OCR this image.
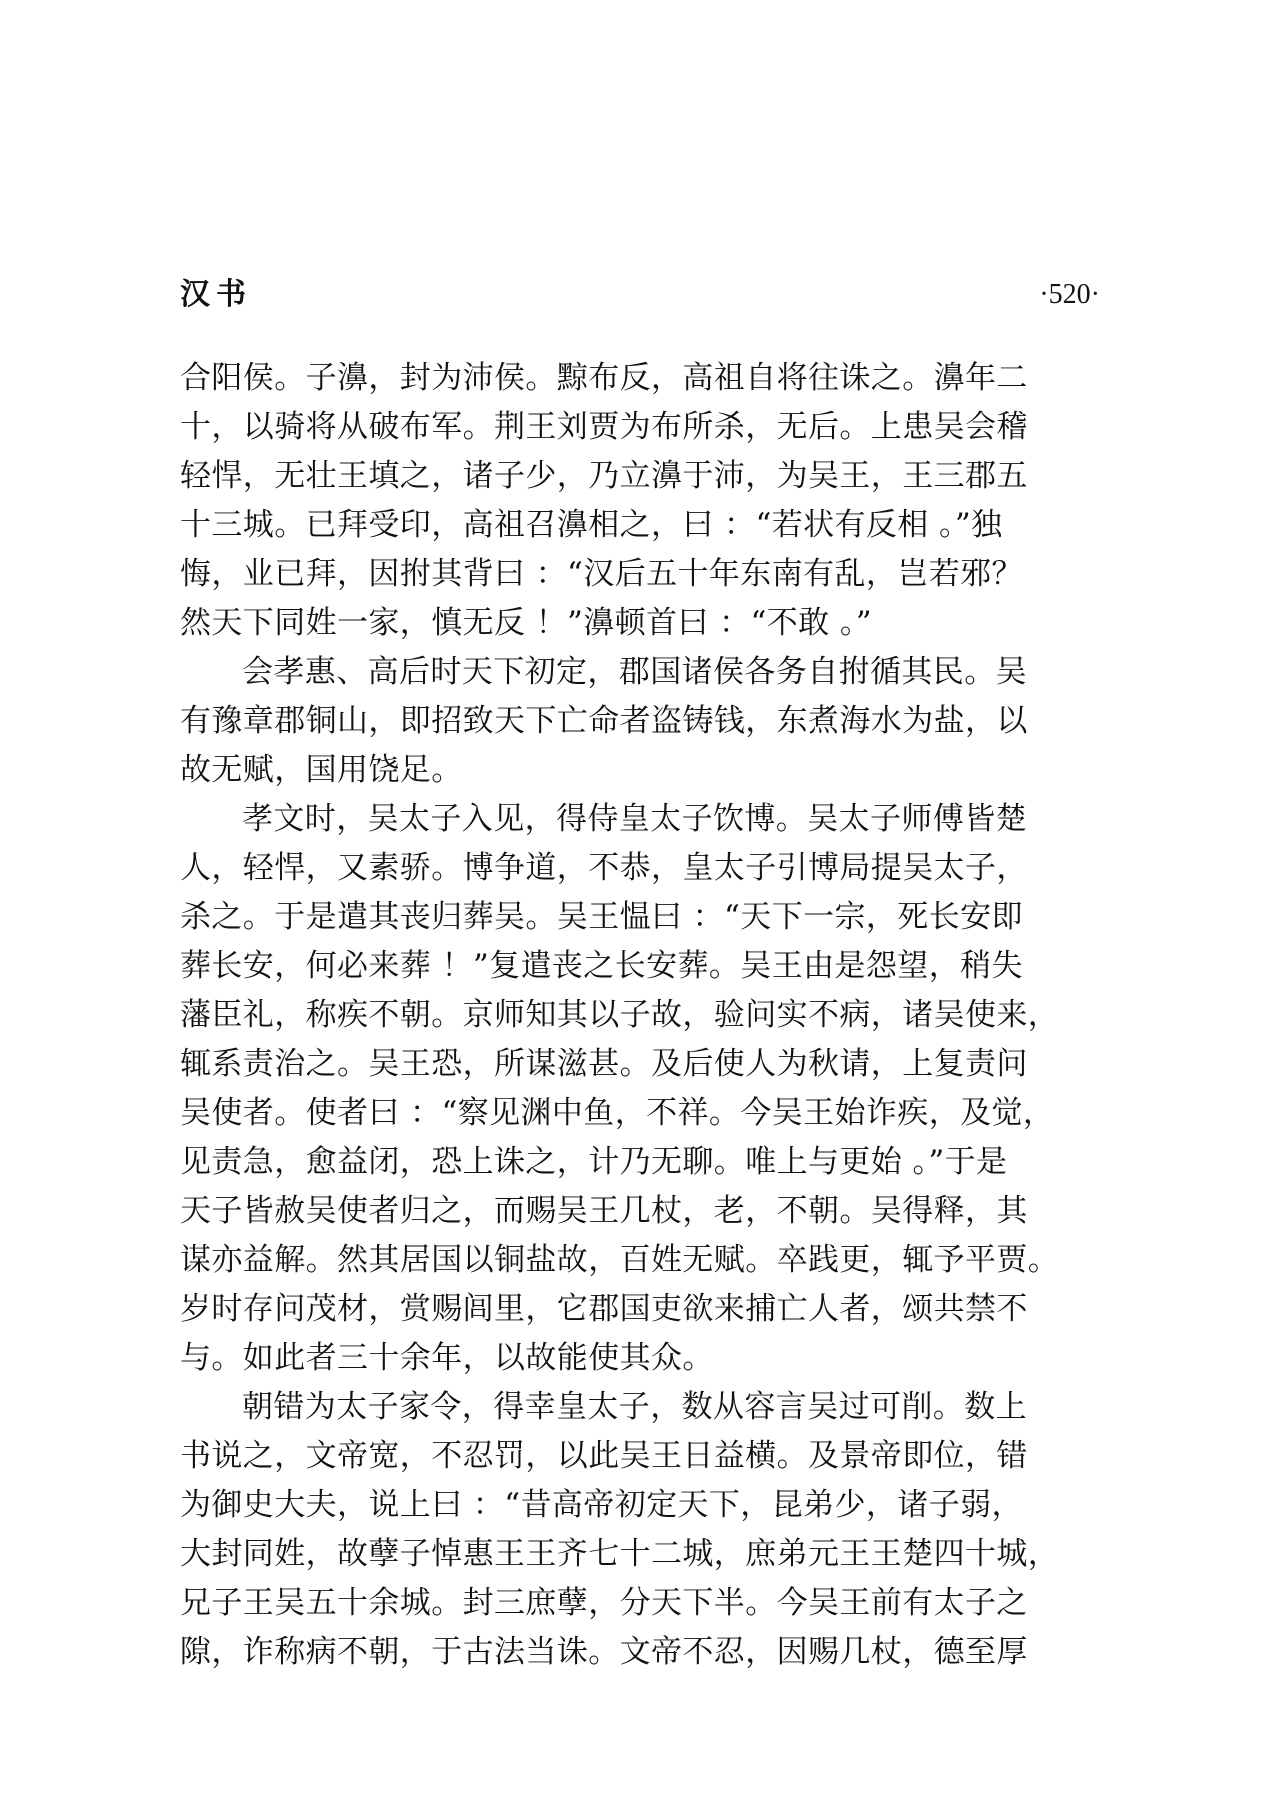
汉书	·520·
合阳侯。子濞，封为沛侯。黥布反，高祖自将往诛之。濞年二
十，以骑将从破布军。荆王刘贾为布所杀，无后。上患吴会稽
轻悍，无壮王填之，诸子少，乃立濞于沛，为吴王，王三郡五
十三城。已拜受印，高祖召濞相之，曰 ：“若状有反相 。”独
悔，业已拜，因拊其背曰 ：“汉后五十年东南有乱，岂若邪？
然天下同姓一家，慎无反 ！”濞顿首曰 ：“不敢 。”
会孝惠、高后时天下初定，郡国诸侯各务自拊循其民。吴
有豫章郡铜山，即招致天下亡命者盗铸钱，东煮海水为盐，以
故无赋，国用饶足。
孝文时，吴太子入见，得侍皇太子饮博。吴太子师傅皆楚
人，轻悍，又素骄。博争道，不恭，皇太子引博局提吴太子，
杀之。于是遣其丧归葬吴。吴王愠曰 ：“天下一宗，死长安即
葬长安，何必来葬 ！”复遣丧之长安葬。吴王由是怨望，稍失
藩臣礼，称疾不朝。京师知其以子故，验问实不病，诸吴使来，
辄系责治之。吴王恐，所谋滋甚。及后使人为秋请，上复责问
吴使者。使者曰 ：“察见渊中鱼，不祥。今吴王始诈疾，及觉，
见责急，愈益闭，恐上诛之，计乃无聊。唯上与更始 。”于是
天子皆赦吴使者归之，而赐吴王几杖，老，不朝。吴得释，其
谋亦益解。然其居国以铜盐故，百姓无赋。卒践更，辄予平贾。
岁时存问茂材，赏赐闾里，它郡国吏欲来捕亡人者，颂共禁不
与。如此者三十余年，以故能使其众。
朝错为太子家令，得幸皇太子，数从容言吴过可削。数上
书说之，文帝宽，不忍罚，以此吴王日益横。及景帝即位，错
为御史大夫，说上曰 ：“昔高帝初定天下，昆弟少，诸子弱，
大封同姓，故孽子悼惠王王齐七十二城，庶弟元王王楚四十城，
兄子王吴五十余城。封三庶孽，分天下半。今吴王前有太子之
隙，诈称病不朝，于古法当诛。文帝不忍，因赐几杖，德至厚
